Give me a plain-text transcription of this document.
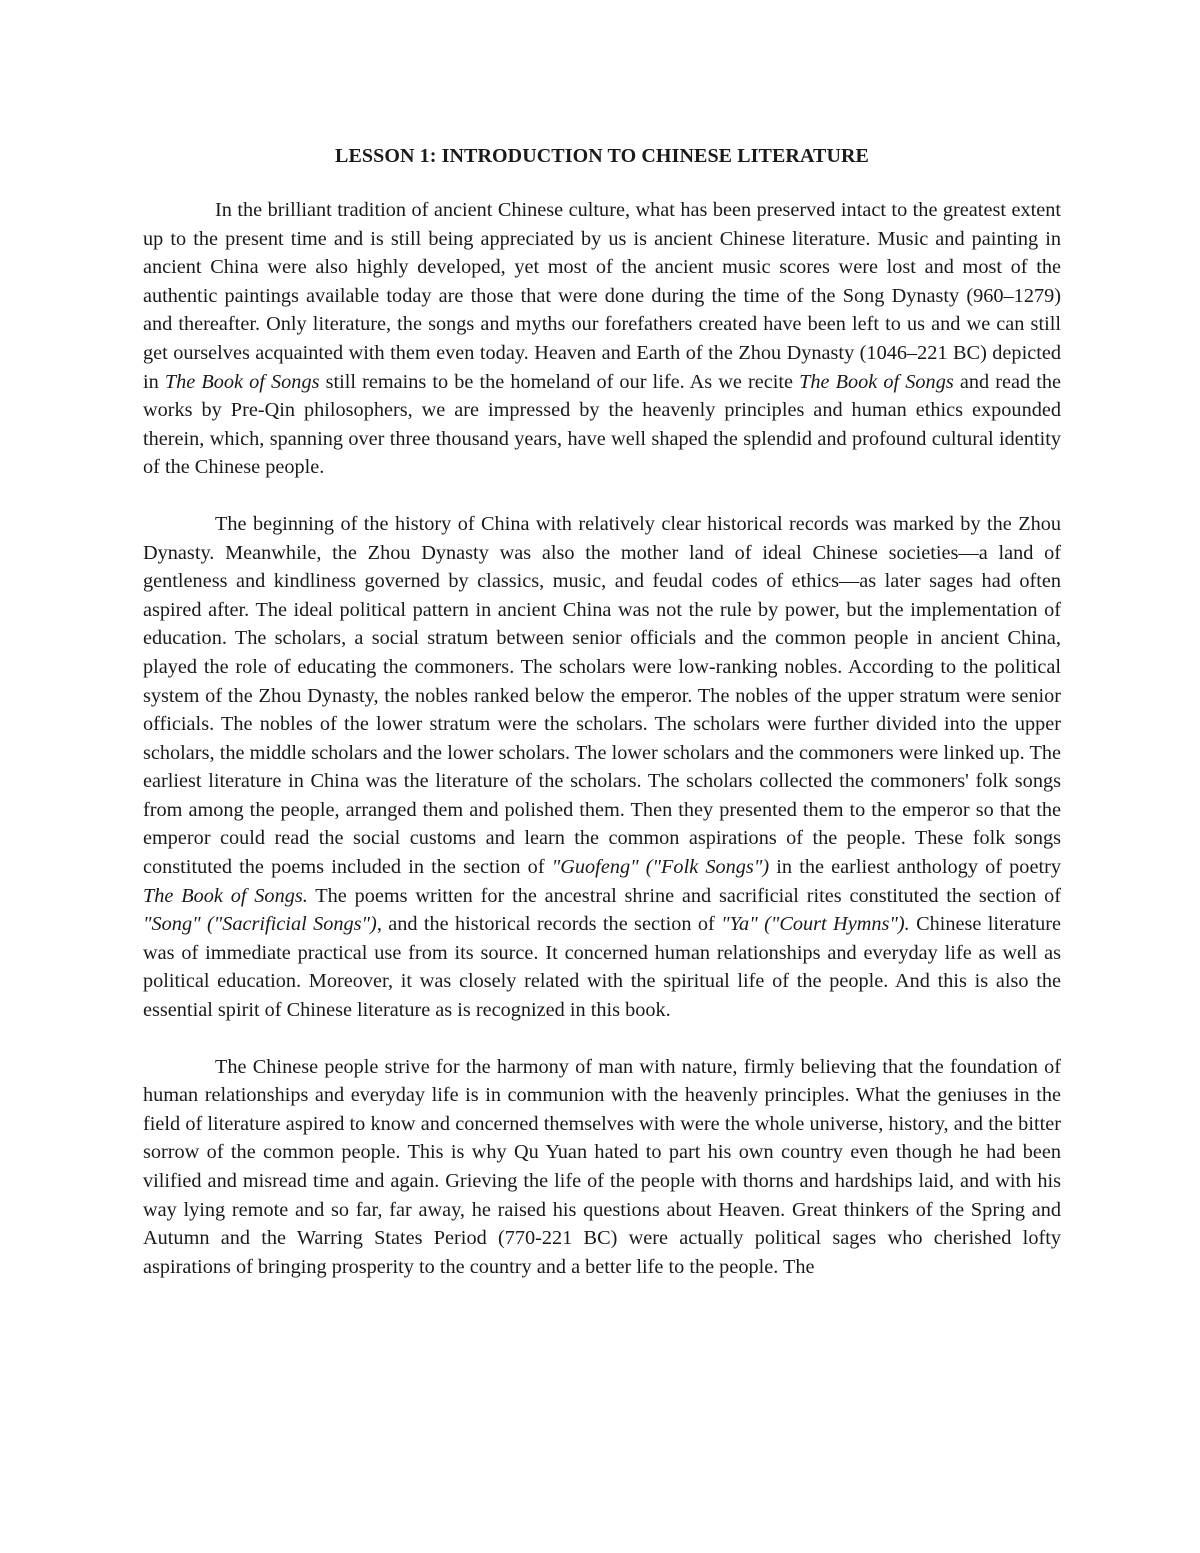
LESSON 1: INTRODUCTION TO CHINESE LITERATURE

In the brilliant tradition of ancient Chinese culture, what has been preserved intact to the greatest extent up to the present time and is still being appreciated by us is ancient Chinese literature. Music and painting in ancient China were also highly developed, yet most of the ancient music scores were lost and most of the authentic paintings available today are those that were done during the time of the Song Dynasty (960–1279) and thereafter. Only literature, the songs and myths our forefathers created have been left to us and we can still get ourselves acquainted with them even today. Heaven and Earth of the Zhou Dynasty (1046–221 BC) depicted in The Book of Songs still remains to be the homeland of our life. As we recite The Book of Songs and read the works by Pre-Qin philosophers, we are impressed by the heavenly principles and human ethics expounded therein, which, spanning over three thousand years, have well shaped the splendid and profound cultural identity of the Chinese people.

The beginning of the history of China with relatively clear historical records was marked by the Zhou Dynasty. Meanwhile, the Zhou Dynasty was also the mother land of ideal Chinese societies—a land of gentleness and kindliness governed by classics, music, and feudal codes of ethics—as later sages had often aspired after. The ideal political pattern in ancient China was not the rule by power, but the implementation of education. The scholars, a social stratum between senior officials and the common people in ancient China, played the role of educating the commoners. The scholars were low-ranking nobles. According to the political system of the Zhou Dynasty, the nobles ranked below the emperor. The nobles of the upper stratum were senior officials. The nobles of the lower stratum were the scholars. The scholars were further divided into the upper scholars, the middle scholars and the lower scholars. The lower scholars and the commoners were linked up. The earliest literature in China was the literature of the scholars. The scholars collected the commoners' folk songs from among the people, arranged them and polished them. Then they presented them to the emperor so that the emperor could read the social customs and learn the common aspirations of the people. These folk songs constituted the poems included in the section of "Guofeng" ("Folk Songs") in the earliest anthology of poetry The Book of Songs. The poems written for the ancestral shrine and sacrificial rites constituted the section of "Song" ("Sacrificial Songs"), and the historical records the section of "Ya" ("Court Hymns"). Chinese literature was of immediate practical use from its source. It concerned human relationships and everyday life as well as political education. Moreover, it was closely related with the spiritual life of the people. And this is also the essential spirit of Chinese literature as is recognized in this book.

The Chinese people strive for the harmony of man with nature, firmly believing that the foundation of human relationships and everyday life is in communion with the heavenly principles. What the geniuses in the field of literature aspired to know and concerned themselves with were the whole universe, history, and the bitter sorrow of the common people. This is why Qu Yuan hated to part his own country even though he had been vilified and misread time and again. Grieving the life of the people with thorns and hardships laid, and with his way lying remote and so far, far away, he raised his questions about Heaven. Great thinkers of the Spring and Autumn and the Warring States Period (770-221 BC) were actually political sages who cherished lofty aspirations of bringing prosperity to the country and a better life to the people. The
